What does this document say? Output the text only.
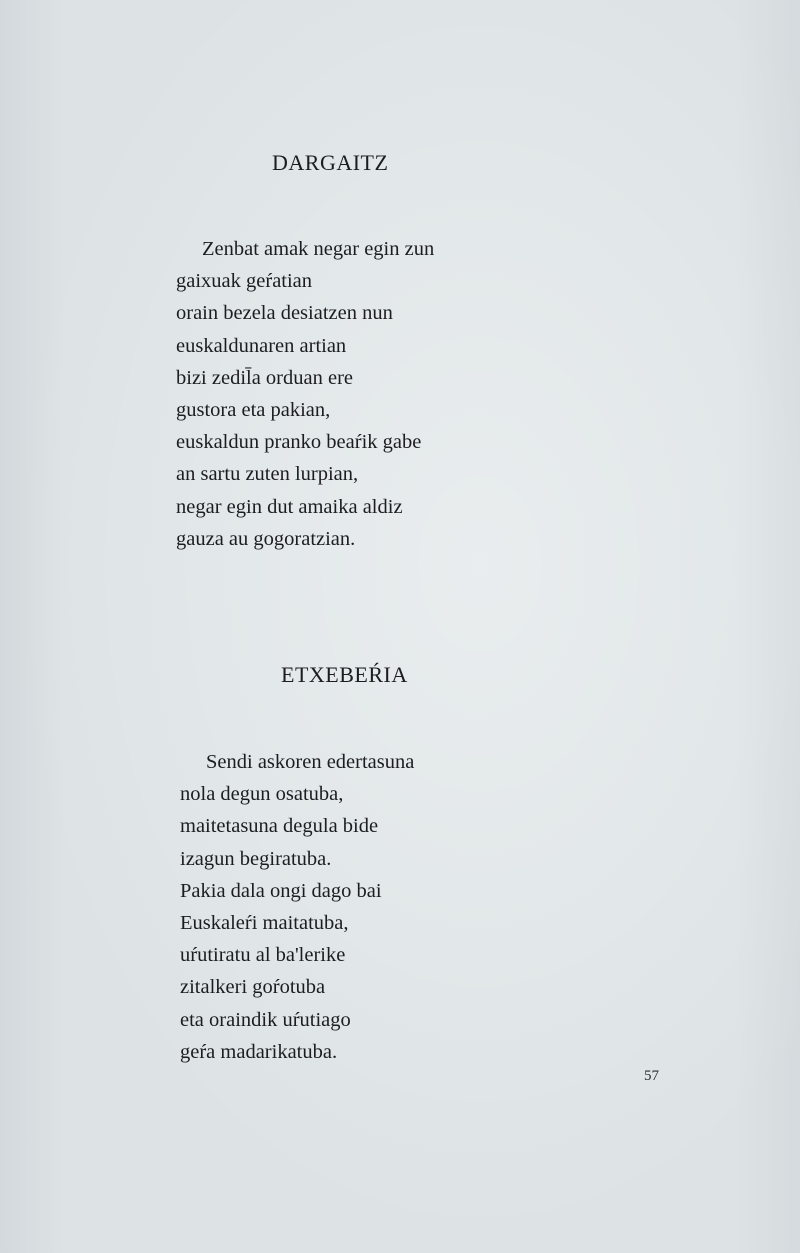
DARGAITZ
Zenbat amak negar egin zun
gaixuak geŕatian
orain bezela desiatzen nun
euskaldunaren artian
bizi zedil̄a orduan ere
gustora eta pakian,
euskaldun pranko beaŕik gabe
an sartu zuten lurpian,
negar egin dut amaika aldiz
gauza au gogoratzian.
ETXEBEŔIA
Sendi askoren edertasuna
nola degun osatuba,
maitetasuna degula bide
izagun begiratuba.
Pakia dala ongi dago bai
Euskaleŕi maitatuba,
uŕutiratu al ba'lerike
zitalkeri goŕotuba
eta oraindik uŕutiago
geŕa madarikatuba.
57
